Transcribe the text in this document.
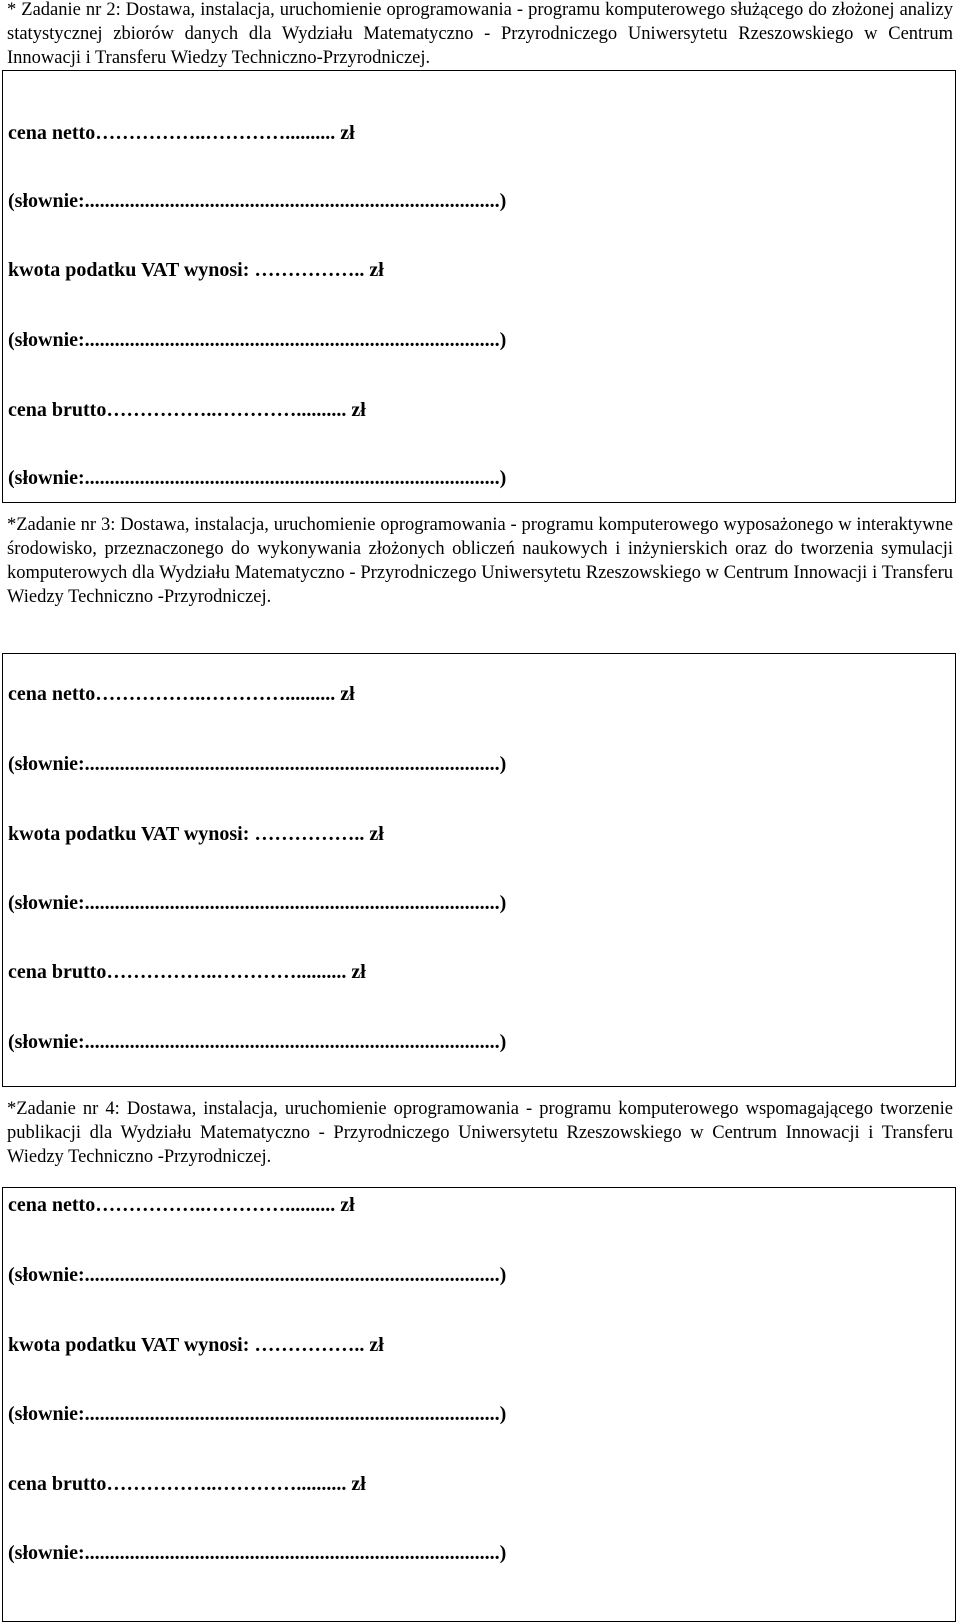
* Zadanie nr 2: Dostawa, instalacja, uruchomienie oprogramowania - programu komputerowego służącego do złożonej analizy statystycznej zbiorów danych dla Wydziału Matematyczno - Przyrodniczego Uniwersytetu Rzeszowskiego w Centrum Innowacji i Transferu Wiedzy Techniczno-Przyrodniczej.

cena netto……………..………….......... zł

(słownie:...................................................................................)

kwota podatku VAT wynosi: …………….. zł

(słownie:...................................................................................)

cena brutto……………..………….......... zł

(słownie:...................................................................................)

*Zadanie nr 3: Dostawa, instalacja, uruchomienie oprogramowania - programu komputerowego wyposażonego w interaktywne środowisko, przeznaczonego do wykonywania złożonych obliczeń naukowych i inżynierskich oraz do tworzenia symulacji komputerowych dla Wydziału Matematyczno - Przyrodniczego Uniwersytetu Rzeszowskiego w Centrum Innowacji i Transferu Wiedzy Techniczno -Przyrodniczej.

cena netto……………..………….......... zł

(słownie:...................................................................................)

kwota podatku VAT wynosi: …………….. zł

(słownie:...................................................................................)

cena brutto……………..………….......... zł

(słownie:...................................................................................)

*Zadanie nr 4: Dostawa, instalacja, uruchomienie oprogramowania - programu komputerowego wspomagającego tworzenie publikacji dla Wydziału Matematyczno - Przyrodniczego Uniwersytetu Rzeszowskiego w Centrum Innowacji i Transferu Wiedzy Techniczno -Przyrodniczej.

cena netto……………..………….......... zł

(słownie:...................................................................................)

kwota podatku VAT wynosi: …………….. zł

(słownie:...................................................................................)

cena brutto……………..………….......... zł

(słownie:...................................................................................)
